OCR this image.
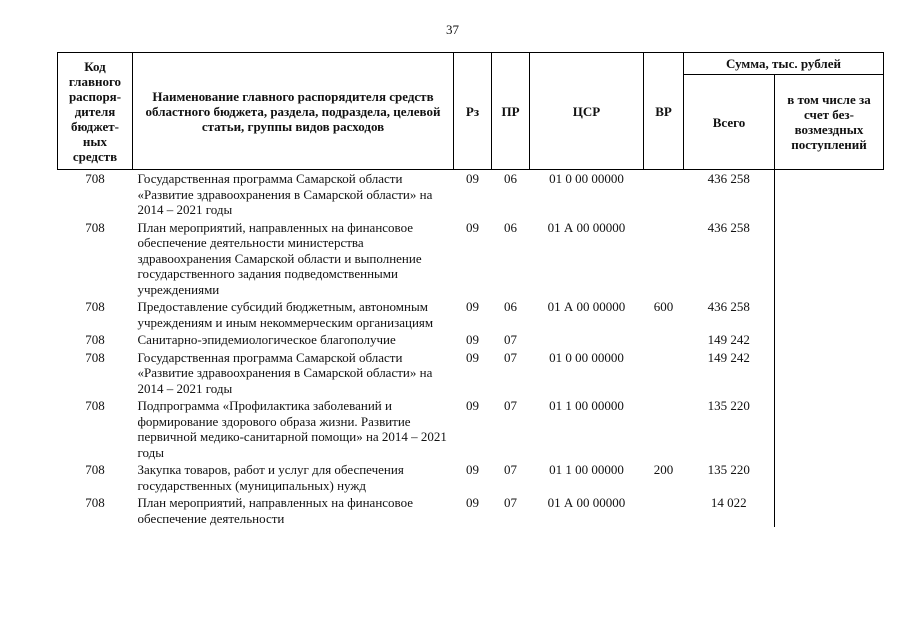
37
Код главного распоря-дителя бюджет-ных средств	Наименование главного распорядителя средств областного бюджета, раздела, подраздела, целевой статьи, группы видов расходов	Рз	ПР	ЦСР	ВР	Сумма, тыс. рублей	
						Всего	в том числе за счет без-возмездных поступлений
708	Государственная программа Самарской области «Развитие здравоохранения в Самарской области» на 2014 – 2021 годы	09	06	01 0 00 00000		436 258	
708	План мероприятий, направленных на финансовое обеспечение деятельности министерства здравоохранения Самарской области и выполнение государственного задания подведомственными учреждениями	09	06	01 А 00 00000		436 258	
708	Предоставление субсидий бюджетным, автономным учреждениям и иным некоммерческим организациям	09	06	01 А 00 00000	600	436 258	
708	Санитарно-эпидемиологическое благополучие	09	07			149 242	
708	Государственная программа Самарской области «Развитие здравоохранения в Самарской области» на 2014 – 2021 годы	09	07	01 0 00 00000		149 242	
708	Подпрограмма «Профилактика заболеваний и формирование здорового образа жизни. Развитие первичной медико-санитарной помощи» на 2014 – 2021 годы	09	07	01 1 00 00000		135 220	
708	Закупка товаров, работ и услуг для обеспечения государственных (муниципальных) нужд	09	07	01 1 00 00000	200	135 220	
708	План мероприятий, направленных на финансовое обеспечение деятельности	09	07	01 А 00 00000		14 022	
